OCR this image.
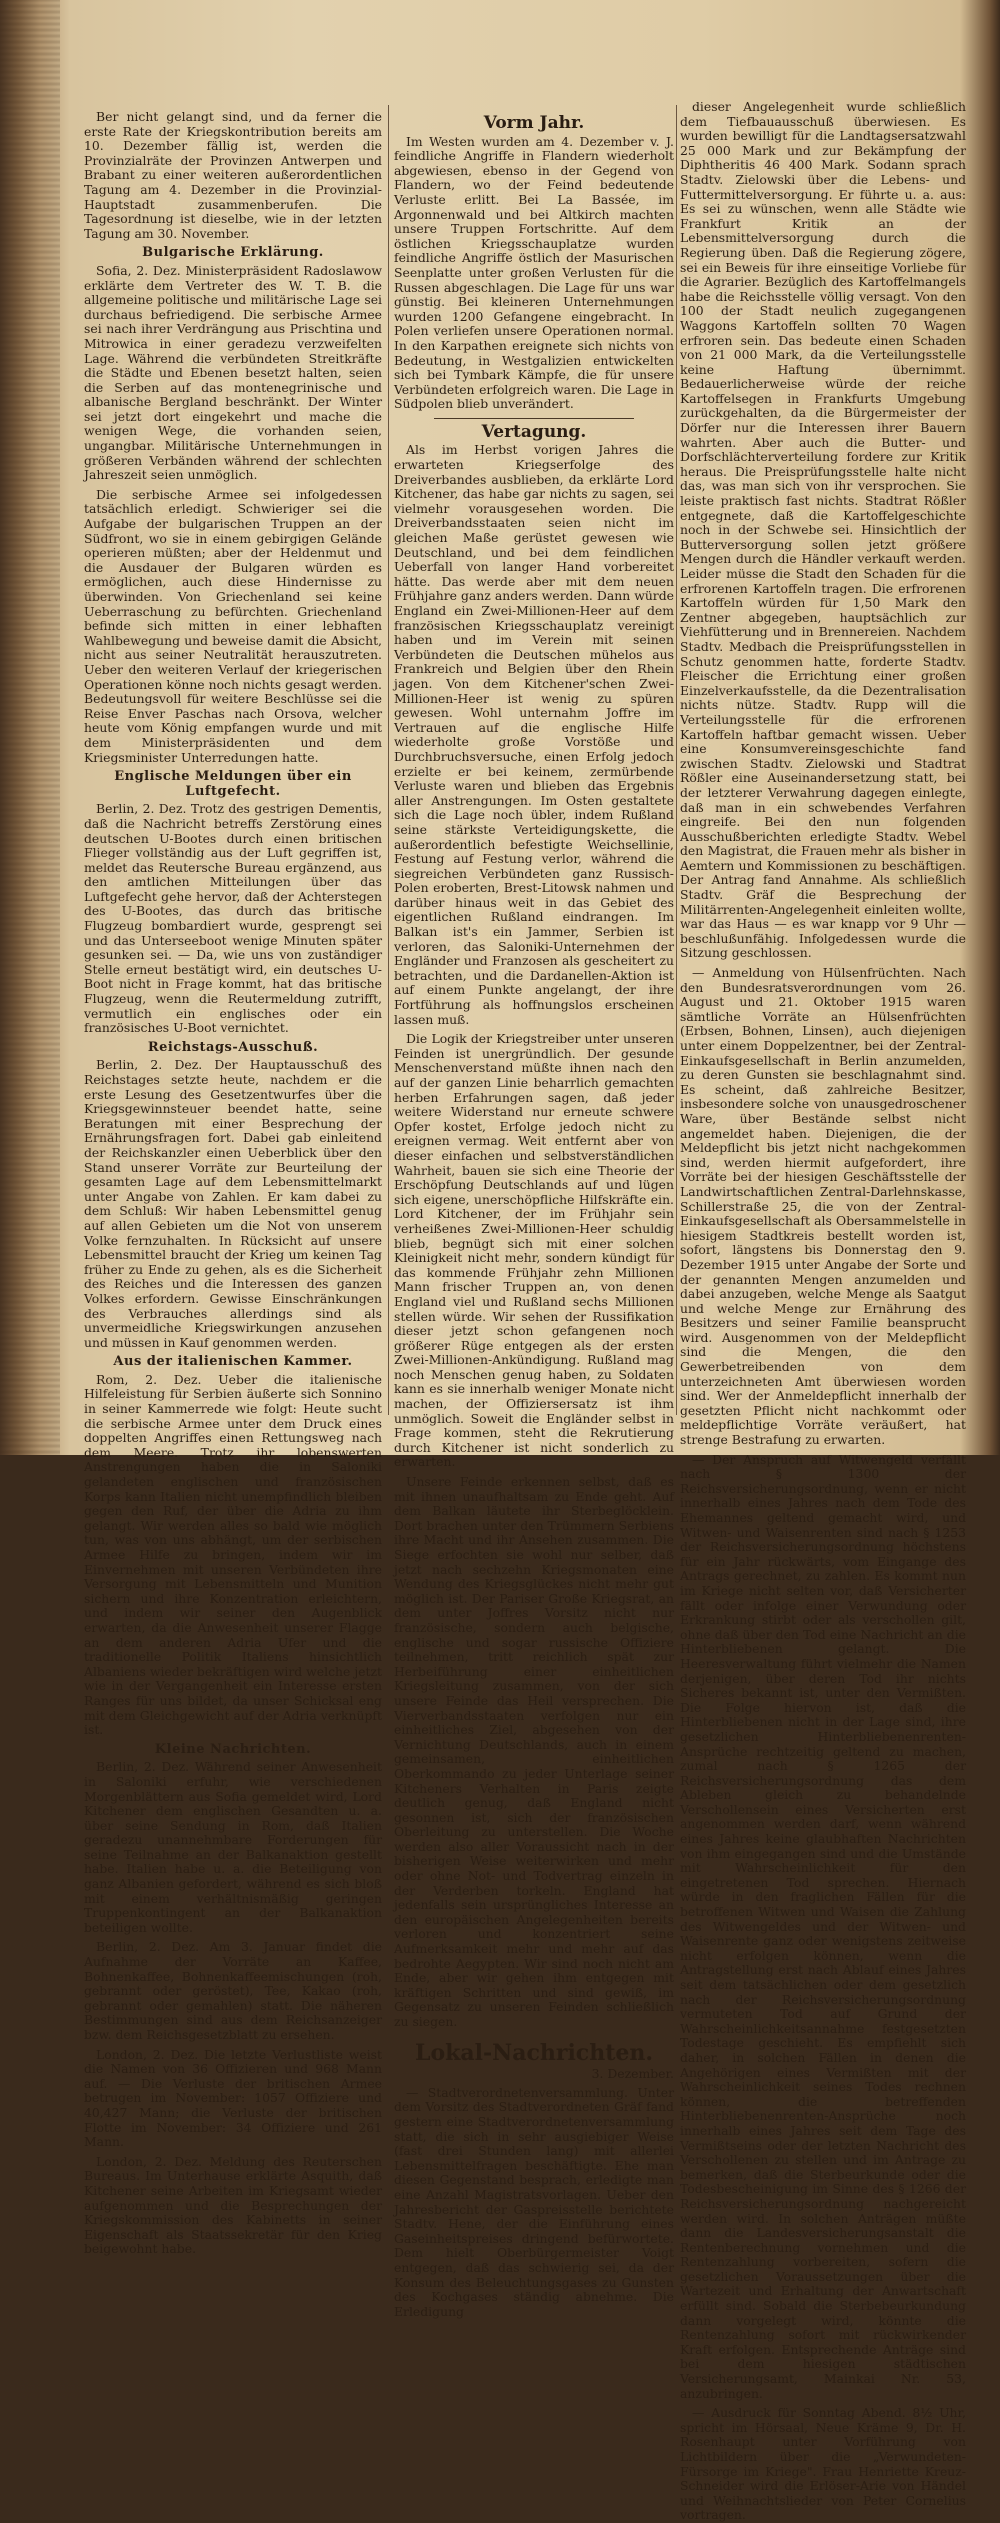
Ber nicht gelangt sind, und da ferner die erste Rate der Kriegskontribution bereits am 10. Dezember fällig ist, werden die Provinzialräte der Provinzen Antwerpen und Brabant zu einer weiteren außerordentlichen Tagung am 4. Dezember in die Provinzial-Hauptstadt zusammenberufen. Die Tagesordnung ist dieselbe, wie in der letzten Tagung am 30. November.

Bulgarische Erklärung.

Sofia, 2. Dez. Ministerpräsident Radoslawow erklärte dem Vertreter des W. T. B. die allgemeine politische und militärische Lage sei durchaus befriedigend. Die serbische Armee sei nach ihrer Verdrängung aus Prischtina und Mitrowica in einer geradezu verzweifelten Lage. Während die verbündeten Streitkräfte die Städte und Ebenen besetzt halten, seien die Serben auf das montenegrinische und albanische Bergland beschränkt. Der Winter sei jetzt dort eingekehrt und mache die wenigen Wege, die vorhanden seien, ungangbar. Militärische Unternehmungen in größeren Verbänden während der schlechten Jahreszeit seien unmöglich.

Die serbische Armee sei infolgedessen tatsächlich erledigt. Schwieriger sei die Aufgabe der bulgarischen Truppen an der Südfront, wo sie in einem gebirgigen Gelände operieren müßten; aber der Heldenmut und die Ausdauer der Bulgaren würden es ermöglichen, auch diese Hindernisse zu überwinden. Von Griechenland sei keine Ueberraschung zu befürchten. Griechenland befinde sich mitten in einer lebhaften Wahlbewegung und beweise damit die Absicht, nicht aus seiner Neutralität herauszutreten. Ueber den weiteren Verlauf der kriegerischen Operationen könne noch nichts gesagt werden. Bedeutungsvoll für weitere Beschlüsse sei die Reise Enver Paschas nach Orsova, welcher heute vom König empfangen wurde und mit dem Ministerpräsidenten und dem Kriegsminister Unterredungen hatte.

Englische Meldungen über ein Luftgefecht.

Berlin, 2. Dez. Trotz des gestrigen Dementis, daß die Nachricht betreffs Zerstörung eines deutschen U-Bootes durch einen britischen Flieger vollständig aus der Luft gegriffen ist, meldet das Reutersche Bureau ergänzend, aus den amtlichen Mitteilungen über das Luftgefecht gehe hervor, daß der Achterstegen des U-Bootes, das durch das britische Flugzeug bombardiert wurde, gesprengt sei und das Unterseeboot wenige Minuten später gesunken sei. — Da, wie uns von zuständiger Stelle erneut bestätigt wird, ein deutsches U-Boot nicht in Frage kommt, hat das britische Flugzeug, wenn die Reutermeldung zutrifft, vermutlich ein englisches oder ein französisches U-Boot vernichtet.

Reichstags-Ausschuß.

Berlin, 2. Dez. Der Hauptausschuß des Reichstages setzte heute, nachdem er die erste Lesung des Gesetzentwurfes über die Kriegsgewinnsteuer beendet hatte, seine Beratungen mit einer Besprechung der Ernährungsfragen fort. Dabei gab einleitend der Reichskanzler einen Ueberblick über den Stand unserer Vorräte zur Beurteilung der gesamten Lage auf dem Lebensmittelmarkt unter Angabe von Zahlen. Er kam dabei zu dem Schluß: Wir haben Lebensmittel genug auf allen Gebieten um die Not von unserem Volke fernzuhalten. In Rücksicht auf unsere Lebensmittel braucht der Krieg um keinen Tag früher zu Ende zu gehen, als es die Sicherheit des Reiches und die Interessen des ganzen Volkes erfordern. Gewisse Einschränkungen des Verbrauches allerdings sind als unvermeidliche Kriegswirkungen anzusehen und müssen in Kauf genommen werden.

Aus der italienischen Kammer.

Rom, 2. Dez. Ueber die italienische Hilfeleistung für Serbien äußerte sich Sonnino in seiner Kammerrede wie folgt: Heute sucht die serbische Armee unter dem Druck eines doppelten Angriffes einen Rettungsweg nach dem Meere. Trotz ihr lobenswerten Anstrengungen haben die in Saloniki gelandeten englischen und französischen Korps kann Italien nicht unempfindlich bleiben gegen den Ruf, der über die Adria zu ihm gelangt. Wir werden alles so bald wie möglich tun, was von uns abhängt, um der serbischen Armee Hilfe zu bringen, indem wir im Einvernehmen mit unseren Verbündeten ihre Versorgung mit Lebensmitteln und Munition sichern und ihre Konzentration erleichtern, und indem wir seiner den Augenblick erwarten, da die Anwesenheit unserer Flagge an dem anderen Adria Ufer und die traditionelle Politik Italiens hinsichtlich Albaniens wieder bekräftigen wird welche jetzt wie in der Vergangenheit ein Interesse ersten Ranges für uns bildet, da unser Schicksal eng mit dem Gleichgewicht auf der Adria verknüpft ist.

Kleine Nachrichten.

Berlin, 2. Dez. Während seiner Anwesenheit in Saloniki erfuhr, wie verschiedenen Morgenblättern aus Sofia gemeldet wird, Lord Kitchener dem englischen Gesandten u. a. über seine Sendung in Rom, daß Italien geradezu unannehmbare Forderungen für seine Teilnahme an der Balkanaktion gestellt habe. Italien habe u. a. die Beteiligung von ganz Albanien gefordert, während es sich bloß mit einem verhältnismäßig geringen Truppenkontingent an der Balkanaktion beteiligen wollte.

Berlin, 2. Dez. Am 3. Januar findet die Aufnahme der Vorräte an Kaffee, Bohnenkaffee, Bohnenkaffeemischungen (roh, gebrannt oder geröstet), Tee, Kakao (roh, gebrannt oder gemahlen) statt. Die näheren Bestimmungen sind aus dem Reichsanzeiger bzw. dem Reichsgesetzblatt zu ersehen.

London, 2. Dez. Die letzte Verlustliste weist die Namen von 36 Offizieren und 968 Mann auf. — Die Verluste der britischen Armee betrugen im November: 1057 Offiziere und 40,427 Mann; die Verluste der britischen Flotte im November: 34 Offiziere und 261 Mann.

London, 2. Dez. Meldung des Reuterschen Bureaus. Im Unterhause erklärte Asquith, daß Kitchener seine Arbeiten im Kriegsamt wieder aufgenommen und die Besprechungen der Kriegskommission des Kabinetts in seiner Eigenschaft als Staatssekretär für den Krieg beigewohnt habe.

Vorm Jahr.

Im Westen wurden am 4. Dezember v. J. feindliche Angriffe in Flandern wiederholt abgewiesen, ebenso in der Gegend von Flandern, wo der Feind bedeutende Verluste erlitt. Bei La Bassée, im Argonnenwald und bei Altkirch machten unsere Truppen Fortschritte. Auf dem östlichen Kriegsschauplatze wurden feindliche Angriffe östlich der Masurischen Seenplatte unter großen Verlusten für die Russen abgeschlagen. Die Lage für uns war günstig. Bei kleineren Unternehmungen wurden 1200 Gefangene eingebracht. In Polen verliefen unsere Operationen normal. In den Karpathen ereignete sich nichts von Bedeutung, in Westgalizien entwickelten sich bei Tymbark Kämpfe, die für unsere Verbündeten erfolgreich waren. Die Lage in Südpolen blieb unverändert.

Vertagung.

Als im Herbst vorigen Jahres die erwarteten Kriegserfolge des Dreiverbandes ausblieben, da erklärte Lord Kitchener, das habe gar nichts zu sagen, sei vielmehr vorausgesehen worden. Die Dreiverbandsstaaten seien nicht im gleichen Maße gerüstet gewesen wie Deutschland, und bei dem feindlichen Ueberfall von langer Hand vorbereitet hätte. Das werde aber mit dem neuen Frühjahre ganz anders werden. Dann würde England ein Zwei-Millionen-Heer auf dem französischen Kriegsschauplatz vereinigt haben und im Verein mit seinen Verbündeten die Deutschen mühelos aus Frankreich und Belgien über den Rhein jagen. Von dem Kitchener'schen Zwei-Millionen-Heer ist wenig zu spüren gewesen. Wohl unternahm Joffre im Vertrauen auf die englische Hilfe wiederholte große Vorstöße und Durchbruchsversuche, einen Erfolg jedoch erzielte er bei keinem, zermürbende Verluste waren und blieben das Ergebnis aller Anstrengungen. Im Osten gestaltete sich die Lage noch übler, indem Rußland seine stärkste Verteidigungskette, die außerordentlich befestigte Weichsellinie, Festung auf Festung verlor, während die siegreichen Verbündeten ganz Russisch-Polen eroberten, Brest-Litowsk nahmen und darüber hinaus weit in das Gebiet des eigentlichen Rußland eindrangen. Im Balkan ist's ein Jammer, Serbien ist verloren, das Saloniki-Unternehmen der Engländer und Franzosen als gescheitert zu betrachten, und die Dardanellen-Aktion ist auf einem Punkte angelangt, der ihre Fortführung als hoffnungslos erscheinen lassen muß.

Die Logik der Kriegstreiber unter unseren Feinden ist unergründlich. Der gesunde Menschenverstand müßte ihnen nach den auf der ganzen Linie beharrlich gemachten herben Erfahrungen sagen, daß jeder weitere Widerstand nur erneute schwere Opfer kostet, Erfolge jedoch nicht zu ereignen vermag. Weit entfernt aber von dieser einfachen und selbstverständlichen Wahrheit, bauen sie sich eine Theorie der Erschöpfung Deutschlands auf und lügen sich eigene, unerschöpfliche Hilfskräfte ein. Lord Kitchener, der im Frühjahr sein verheißenes Zwei-Millionen-Heer schuldig blieb, begnügt sich mit einer solchen Kleinigkeit nicht mehr, sondern kündigt für das kommende Frühjahr zehn Millionen Mann frischer Truppen an, von denen England viel und Rußland sechs Millionen stellen würde. Wir sehen der Russifikation dieser jetzt schon gefangenen noch größerer Rüge entgegen als der ersten Zwei-Millionen-Ankündigung. Rußland mag noch Menschen genug haben, zu Soldaten kann es sie innerhalb weniger Monate nicht machen, der Offiziersersatz ist ihm unmöglich. Soweit die Engländer selbst in Frage kommen, steht die Rekrutierung durch Kitchener ist nicht sonderlich zu erwarten.

Unsere Feinde erkennen selbst, daß es mit ihnen unaufhaltsam zu Ende geht. Auf dem Balkan läutete ihr Sterbeglöcklein. Dort brachen unter den Trümmern Serbiens ihre Macht und ihr Ansehen zusammen. Die Siege erfochten sie wohl nur selber, daß jetzt nach sechzehn Kriegsmonaten eine Wendung des Kriegsglückes nicht mehr gut möglich ist. Der Pariser Große Kriegsrat, an dem unter Joffres Vorsitz nicht nur französische, sondern auch belgische, englische und sogar russische Offiziere teilnehmen, tritt reichlich spät zur Herbeiführung einer einheitlichen Kriegsleitung zusammen, von der sich unsere Feinde das Heil versprechen. Die Vierverbandsstaaten verfolgen nur ein einheitliches Ziel, abgesehen von der Vernichtung Deutschlands, auch in einem gemeinsamen, einheitlichen Oberkommando zu jeder Unterlage seiner Kitcheners Verhalten in Paris zeigte deutlich genug, daß England nicht gesonnen ist, sich der französischen Oberleitung zu unterstellen. Die Woche werden also aller Voraussicht nach in der bisherigen Weise weiterwirken und mehr oder ohne Not- und Todvertrag einzeln in der Verderben torkeln. England hat jedenfalls sein ursprüngliches Interesse an den europäischen Angelegenheiten bereits verloren und konzentriert seine Aufmerksamkeit mehr und mehr auf das bedrohte Aegypten. Wir sind noch nicht am Ende, aber wir gehen ihm entgegen mit kräftigen Schritten und sind gewiß, im Gegensatz zu unseren Feinden schließlich zu siegen.

Lokal-Nachrichten.
3. Dezember.

— Stadtverordnetenversammlung. Unter dem Vorsitz des Stadtverordneten Gräf fand gestern eine Stadtverordnetenversammlung statt, die sich in sehr ausgiebiger Weise (fast drei Stunden lang) mit allerlei Lebensmittelfragen beschäftigte. Ehe man diesen Gegenstand besprach, erledigte man eine Anzahl Magistratsvorlagen. Ueber den Jahresbericht der Gaspreisstelle berichtete Stadtv. Hene, der die Einführung eines Gaseinheitspreises dringend befürwortete. Dem hielt Oberbürgermeister Voigt entgegen, daß das schwierig sei, da der Konsum des Beleuchtungsgases zu Gunsten des Kochgases ständig abnehme. Die Erledigung

dieser Angelegenheit wurde schließlich dem Tiefbauausschuß überwiesen. Es wurden bewilligt für die Landtagsersatzwahl 25 000 Mark und zur Bekämpfung der Diphtheritis 46 400 Mark. Sodann sprach Stadtv. Zielowski über die Lebens- und Futtermittelversorgung. Er führte u. a. aus: Es sei zu wünschen, wenn alle Städte wie Frankfurt Kritik an der Lebensmittelversorgung durch die Regierung üben. Daß die Regierung zögere, sei ein Beweis für ihre einseitige Vorliebe für die Agrarier. Bezüglich des Kartoffelmangels habe die Reichsstelle völlig versagt. Von den 100 der Stadt neulich zugegangenen Waggons Kartoffeln sollten 70 Wagen erfroren sein. Das bedeute einen Schaden von 21 000 Mark, da die Verteilungsstelle keine Haftung übernimmt. Bedauerlicherweise würde der reiche Kartoffelsegen in Frankfurts Umgebung zurückgehalten, da die Bürgermeister der Dörfer nur die Interessen ihrer Bauern wahrten. Aber auch die Butter- und Dorfschlächterverteilung fordere zur Kritik heraus. Die Preisprüfungsstelle halte nicht das, was man sich von ihr versprochen. Sie leiste praktisch fast nichts. Stadtrat Rößler entgegnete, daß die Kartoffelgeschichte noch in der Schwebe sei. Hinsichtlich der Butterversorgung sollen jetzt größere Mengen durch die Händler verkauft werden. Leider müsse die Stadt den Schaden für die erfrorenen Kartoffeln tragen. Die erfrorenen Kartoffeln würden für 1,50 Mark den Zentner abgegeben, hauptsächlich zur Viehfütterung und in Brennereien. Nachdem Stadtv. Medbach die Preisprüfungsstellen in Schutz genommen hatte, forderte Stadtv. Fleischer die Errichtung einer großen Einzelverkaufsstelle, da die Dezentralisation nichts nütze. Stadtv. Rupp will die Verteilungsstelle für die erfrorenen Kartoffeln haftbar gemacht wissen. Ueber eine Konsumvereinsgeschichte fand zwischen Stadtv. Zielowski und Stadtrat Rößler eine Auseinandersetzung statt, bei der letzterer Verwahrung dagegen einlegte, daß man in ein schwebendes Verfahren eingreife. Bei den nun folgenden Ausschußberichten erledigte Stadtv. Webel den Magistrat, die Frauen mehr als bisher in Aemtern und Kommissionen zu beschäftigen. Der Antrag fand Annahme. Als schließlich Stadtv. Gräf die Besprechung der Militärrenten-Angelegenheit einleiten wollte, war das Haus — es war knapp vor 9 Uhr — beschlußunfähig. Infolgedessen wurde die Sitzung geschlossen.

— Anmeldung von Hülsenfrüchten. Nach den Bundesratsverordnungen vom 26. August und 21. Oktober 1915 waren sämtliche Vorräte an Hülsenfrüchten (Erbsen, Bohnen, Linsen), auch diejenigen unter einem Doppelzentner, bei der Zentral-Einkaufsgesellschaft in Berlin anzumelden, zu deren Gunsten sie beschlagnahmt sind. Es scheint, daß zahlreiche Besitzer, insbesondere solche von unausgedroschener Ware, über Bestände selbst nicht angemeldet haben. Diejenigen, die der Meldepflicht bis jetzt nicht nachgekommen sind, werden hiermit aufgefordert, ihre Vorräte bei der hiesigen Geschäftsstelle der Landwirtschaftlichen Zentral-Darlehnskasse, Schillerstraße 25, die von der Zentral-Einkaufsgesellschaft als Obersammelstelle in hiesigem Stadtkreis bestellt worden ist, sofort, längstens bis Donnerstag den 9. Dezember 1915 unter Angabe der Sorte und der genannten Mengen anzumelden und dabei anzugeben, welche Menge als Saatgut und welche Menge zur Ernährung des Besitzers und seiner Familie beansprucht wird. Ausgenommen von der Meldepflicht sind die Mengen, die den Gewerbetreibenden von dem unterzeichneten Amt überwiesen worden sind. Wer der Anmeldepflicht innerhalb der gesetzten Pflicht nicht nachkommt oder meldepflichtige Vorräte veräußert, hat strenge Bestrafung zu erwarten.

— Der Anspruch auf Witwengeld verfällt nach § 1300 der Reichsversicherungsordnung, wenn er nicht innerhalb eines Jahres nach dem Tode des Ehemannes geltend gemacht wird, und Witwen- und Waisenrenten sind nach § 1253 der Reichsversicherungsordnung höchstens für ein Jahr rückwärts, vom Eingange des Antrags gerechnet, zu zahlen. Es kommt nun im Kriege nicht selten vor, daß Versicherter fällt oder infolge einer Verwundung oder Erkrankung stirbt oder als verschollen gilt, ohne daß über den Tod eine Nachricht an die Hinterbliebenen gelangt. Die Heeresverwaltung führt vielmehr die Namen derjenigen, über deren Tod ihr nichts Sicheres bekannt ist, unter den Vermißten. Die Folge hiervon ist, daß die Hinterbliebenen nicht in der Lage sind, ihre gesetzlichen Hinterbliebenenrenten-Ansprüche rechtzeitig geltend zu machen, zumal nach § 1265 der Reichsversicherungsordnung das dem Ableben gleich zu behandelnde Verschollensein eines Versicherten erst angenommen werden darf, wenn während eines Jahres keine glaubhaften Nachrichten von ihm eingegangen sind und die Umstände mit Wahrscheinlichkeit für den eingetretenen Tod sprechen. Hiernach würde in den fraglichen Fällen für die betroffenen Witwen und Waisen die Zahlung des Witwengeldes und der Witwen- und Waisenrente ganz oder wenigstens zeitweise nicht erfolgen können, wenn die Antragstellung erst nach Ablauf eines Jahres seit dem tatsächlichen oder dem gesetzlich nach der Reichsversicherungsordnung vermuteten Tod auf Grund der Wahrscheinlichkeitsannahme festgesetzten Todestage geschieht. Es empfiehlt sich daher, in solchen Fällen in denen die Angehörigen eines Vermißten mit der Wahrscheinlichkeit seines Todes rechnen können, die betreffenden Hinterbliebenenrenten-Ansprüche noch innerhalb eines Jahres seit dem Tage des Vermißtseins oder der letzten Nachricht des Verschollenen zu stellen und im Antrage zu bemerken, daß die Sterbeurkunde oder die Todesbescheinigung im Sinne des § 1266 der Reichsversicherungsordnung nachgereicht werden wird. In solchen Anträgen müßte dann die Landesversicherungsanstalt die Rentenberechnung vornehmen und die Rentenzahlung vorbereiten, sofern die gesetzlichen Voraussetzungen über die Wartezeit und Erhaltung der Anwartschaft erfüllt sind. Sobald die Sterbebeurkundung dann vorgelegt wird, könnte die Rentenzahlung sofort mit rückwirkender Kraft erfolgen. Entsprechende Anträge sind bei dem hiesigen städtischen Versicherungsamt, Mainkai Nr. 53, anzubringen.

— Ausdruck für Sonntag Abend. 8½ Uhr, spricht im Hörsaal, Neue Kräme 9, Dr. H. Rosenhaupt unter Vorführung von Lichtbildern über die „Verwundeten-Fürsorge im Kriege". Frau Henriette Kreuz-Schneider wird die Erlöser-Arie von Händel und Weihnachtslieder von Peter Cornelius vortragen.
